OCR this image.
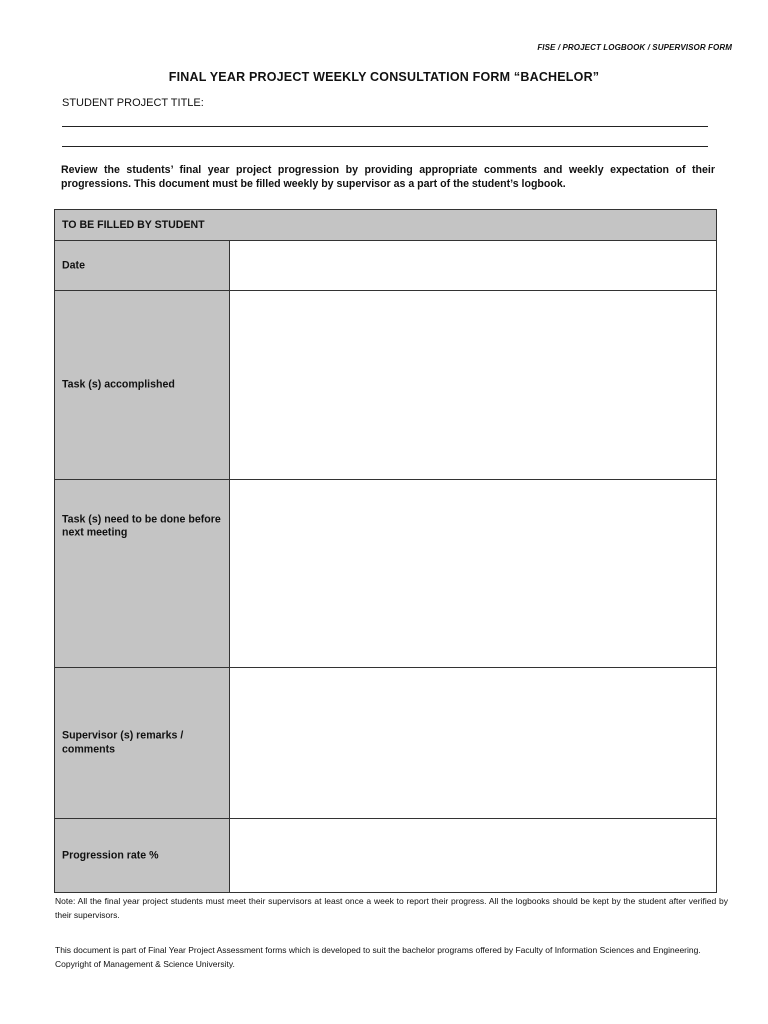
FISE / PROJECT LOGBOOK / SUPERVISOR FORM
FINAL YEAR PROJECT WEEKLY CONSULTATION FORM “BACHELOR”
STUDENT PROJECT TITLE:
Review the students’ final year project progression by providing appropriate comments and weekly expectation of their progressions. This document must be filled weekly by supervisor as a part of the student’s logbook.
TO BE FILLED BY STUDENT
Date
Task (s) accomplished
Task (s) need to be done before next meeting
Supervisor (s) remarks / comments
Progression rate %
Note: All the final year project students must meet their supervisors at least once a week to report their progress. All the logbooks should be kept by the student after verified by their supervisors.
This document is part of Final Year Project Assessment forms which is developed to suit the bachelor programs offered by Faculty of Information Sciences and Engineering. Copyright of Management & Science University.
